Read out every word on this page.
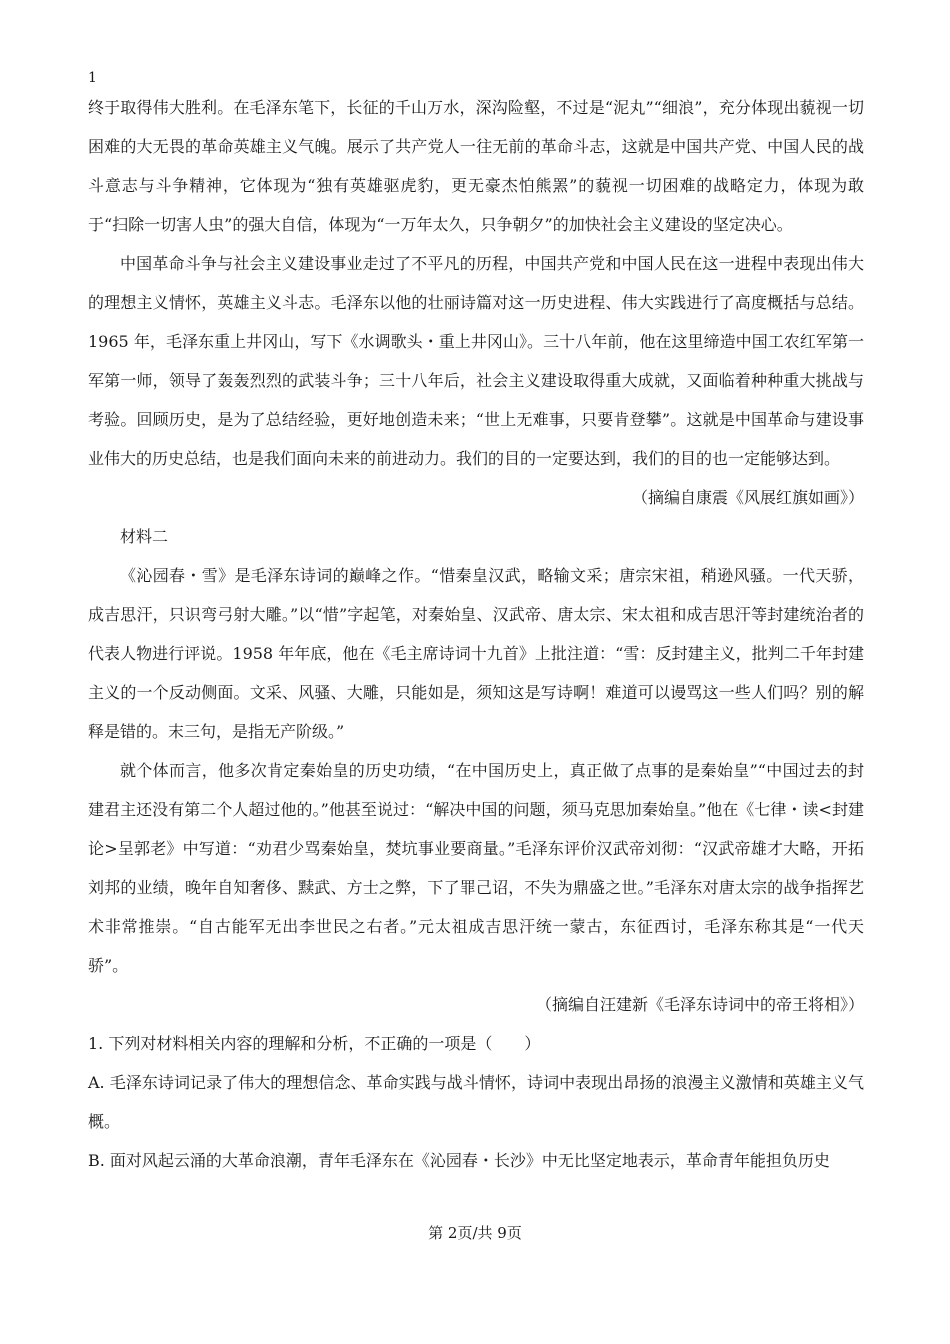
1

终于取得伟大胜利。在毛泽东笔下，长征的千山万水，深沟险壑，不过是“泥丸”“细浪”，充分体现出藐视一切困难的大无畏的革命英雄主义气魄。展示了共产党人一往无前的革命斗志，这就是中国共产党、中国人民的战斗意志与斗争精神，它体现为“独有英雄驱虎豹，更无豪杰怕熊罴”的藐视一切困难的战略定力，体现为敢于“扫除一切害人虫”的强大自信，体现为“一万年太久，只争朝夕”的加快社会主义建设的坚定决心。

中国革命斗争与社会主义建设事业走过了不平凡的历程，中国共产党和中国人民在这一进程中表现出伟大的理想主义情怀，英雄主义斗志。毛泽东以他的壮丽诗篇对这一历史进程、伟大实践进行了高度概括与总结。1965 年，毛泽东重上井冈山，写下《水调歌头・重上井冈山》。三十八年前，他在这里缔造中国工农红军第一军第一师，领导了轰轰烈烈的武装斗争；三十八年后，社会主义建设取得重大成就，又面临着种种重大挑战与考验。回顾历史，是为了总结经验，更好地创造未来；“世上无难事，只要肯登攀”。这就是中国革命与建设事业伟大的历史总结，也是我们面向未来的前进动力。我们的目的一定要达到，我们的目的也一定能够达到。

（摘编自康震《风展红旗如画》）

材料二

《沁园春・雪》是毛泽东诗词的巅峰之作。“惜秦皇汉武，略输文采；唐宗宋祖，稍逊风骚。一代天骄，成吉思汗，只识弯弓射大雕。”以“惜”字起笔，对秦始皇、汉武帝、唐太宗、宋太祖和成吉思汗等封建统治者的代表人物进行评说。1958 年年底，他在《毛主席诗词十九首》上批注道：“雪：反封建主义，批判二千年封建主义的一个反动侧面。文采、风骚、大雕，只能如是，须知这是写诗啊！难道可以谩骂这一些人们吗？别的解释是错的。末三句，是指无产阶级。”

就个体而言，他多次肯定秦始皇的历史功绩，“在中国历史上，真正做了点事的是秦始皇”“中国过去的封建君主还没有第二个人超过他的。”他甚至说过：“解决中国的问题，须马克思加秦始皇。”他在《七律・读<封建论>呈郭老》中写道：“劝君少骂秦始皇，焚坑事业要商量。”毛泽东评价汉武帝刘彻：“汉武帝雄才大略，开拓刘邦的业绩，晚年自知奢侈、黩武、方士之弊，下了罪己诏，不失为鼎盛之世。”毛泽东对唐太宗的战争指挥艺术非常推崇。“自古能军无出李世民之右者。”元太祖成吉思汗统一蒙古，东征西讨，毛泽东称其是“一代天骄”。

（摘编自汪建新《毛泽东诗词中的帝王将相》）

1. 下列对材料相关内容的理解和分析，不正确的一项是（　　）

A. 毛泽东诗词记录了伟大的理想信念、革命实践与战斗情怀，诗词中表现出昂扬的浪漫主义激情和英雄主义气概。

B. 面对风起云涌的大革命浪潮，青年毛泽东在《沁园春・长沙》中无比坚定地表示，革命青年能担负历史

第 2页/共 9页
